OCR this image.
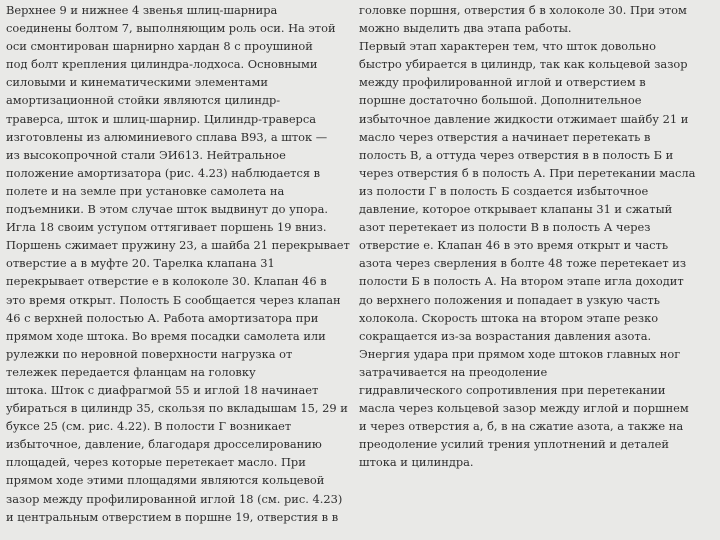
Верхнее 9 и нижнее 4 звенья шлиц-шарнира
соединены болтом 7, выполняющим роль оси. На этой
оси смонтирован шарнирно хардан 8 с проушиной
под болт крепления цилиндра-лодхоса. Основными
силовыми и кинематическими элементами
амортизационной стойки являются цилиндр-
траверса, шток и шлиц-шарнир. Цилиндр-траверса
изготовлены из алюминиевого сплава В93, а шток —
из высокопрочной стали ЭИ613. Нейтральное
положение амортизатора (рис. 4.23) наблюдается в
полете и на земле при установке самолета на
подъемники. В этом случае шток выдвинут до упора.
Игла 18 своим уступом оттягивает поршень 19 вниз.
Поршень сжимает пружину 23, а шайба 21 перекрывает
отверстие а в муфте 20. Тарелка клапана 31
перекрывает отверстие е в колоколе 30. Клапан 46 в
это время открыт. Полость Б сообщается через клапан
46 с верхней полостью А. Работа амортизатора при
прямом ходе штока. Во время посадки самолета или
рулежки по неровной поверхности нагрузка от
тележек передается фланцам на головку
штока. Шток с диафрагмой 55 и иглой 18 начинает
убираться в цилиндр 35, скользя по вкладышам 15, 29 и
буксе 25 (см. рис. 4.22). В полости Г возникает
избыточное, давление, благодаря дросселированию
площадей, через которые перетекает масло. При
прямом ходе этими площадями являются кольцевой
зазор между профилированной иглой 18 (см. рис. 4.23)
и центральным отверстием в поршне 19, отверстия в в
головке поршня, отверстия б в холоколе 30. При этом
можно выделить два этапа работы.
Первый этап характерен тем, что шток довольно
быстро убирается в цилиндр, так как кольцевой зазор
между профилированной иглой и отверстием в
поршне достаточно большой. Дополнительное
избыточное давление жидкости отжимает шайбу 21 и
масло через отверстия а начинает перетекать в
полость В, а оттуда через отверстия в в полость Б и
через отверстия б в полость А. При перетекании масла
из полости Г в полость Б создается избыточное
давление, которое открывает клапаны 31 и сжатый
азот перетекает из полости В в полость А через
отверстие е. Клапан 46 в это время открыт и часть
азота через сверления в болте 48 тоже перетекает из
полости Б в полость А. На втором этапе игла доходит
до верхнего положения и попадает в узкую часть
холокола. Скорость штока на втором этапе резко
сокращается из-за возрастания давления азота.
Энергия удара при прямом ходе штоков главных ног
затрачивается на преодоление
гидравлического сопротивления при перетекании
масла через кольцевой зазор между иглой и поршнем
и через отверстия а, б, в на сжатие азота, а также на
преодоление усилий трения уплотнений и деталей
штока и цилиндра.
